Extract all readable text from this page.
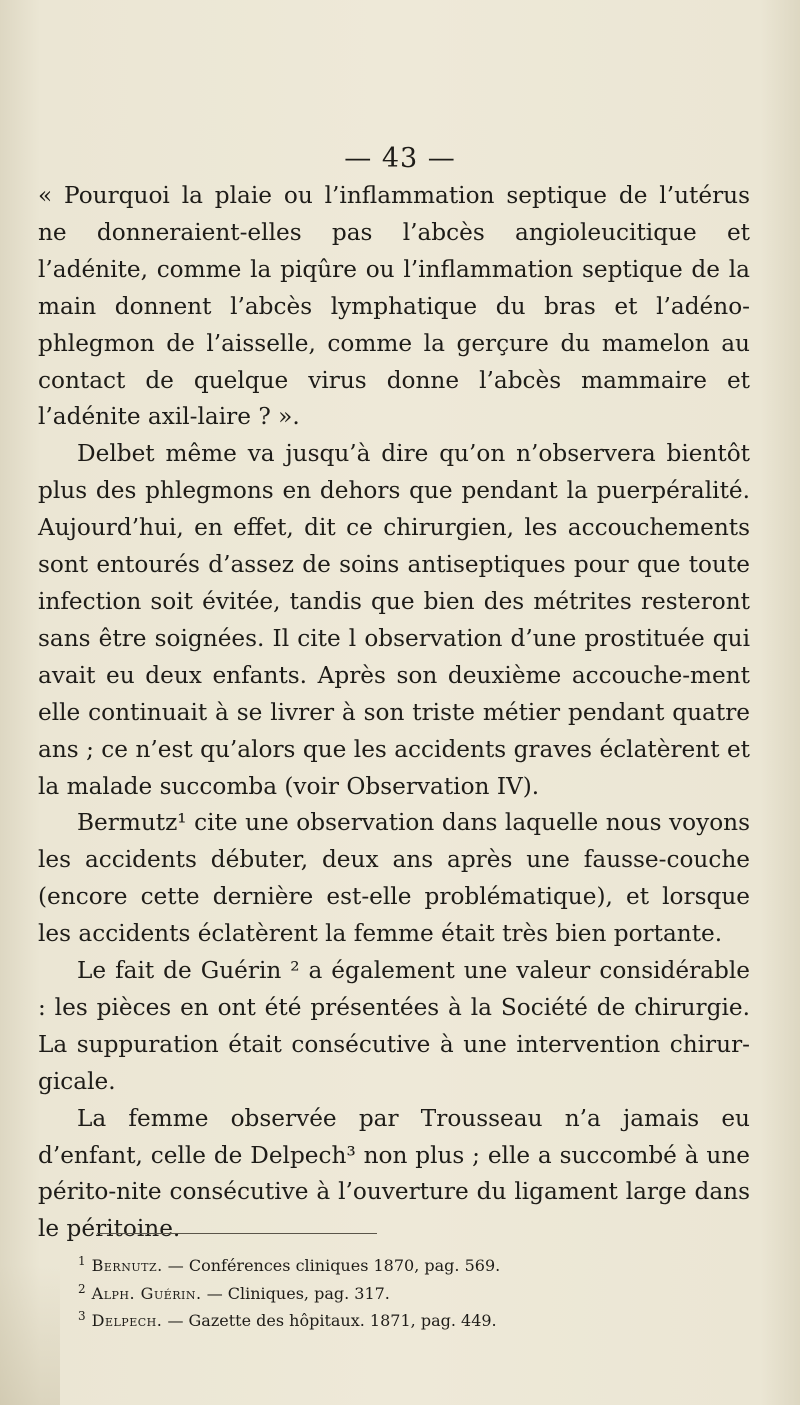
— 43 —

« Pourquoi la plaie ou l’inflammation septique de l’utérus ne donneraient-elles pas l’abcès angioleucitique et l’adénite, comme la piqûre ou l’inflammation septique de la main donnent l’abcès lymphatique du bras et l’adéno-phlegmon de l’aisselle, comme la gerçure du mamelon au contact de quelque virus donne l’abcès mammaire et l’adénite axil-laire ? ».

Delbet même va jusqu’à dire qu’on n’observera bientôt plus des phlegmons en dehors que pendant la puerpéralité. Aujourd’hui, en effet, dit ce chirurgien, les accouchements sont entourés d’assez de soins antiseptiques pour que toute infection soit évitée, tandis que bien des métrites resteront sans être soignées. Il cite l observation d’une prostituée qui avait eu deux enfants. Après son deuxième accouche-ment elle continuait à se livrer à son triste métier pendant quatre ans ; ce n’est qu’alors que les accidents graves éclatèrent et la malade succomba (voir Observation IV).

Bermutz¹ cite une observation dans laquelle nous voyons les accidents débuter, deux ans après une fausse-couche (encore cette dernière est-elle problématique), et lorsque les accidents éclatèrent la femme était très bien portante.

Le fait de Guérin ² a également une valeur considérable : les pièces en ont été présentées à la Société de chirurgie. La suppuration était consécutive à une intervention chirur-gicale.

La femme observée par Trousseau n’a jamais eu d’enfant, celle de Delpech³ non plus ; elle a succombé à une périto-nite consécutive à l’ouverture du ligament large dans le péritoine.

$^1$ Bernutz. — Conférences cliniques 1870, pag. 569.
$^2$ Alph. Guérin. — Cliniques, pag. 317.
$^3$ Delpech. — Gazette des hôpitaux. 1871, pag. 449.
